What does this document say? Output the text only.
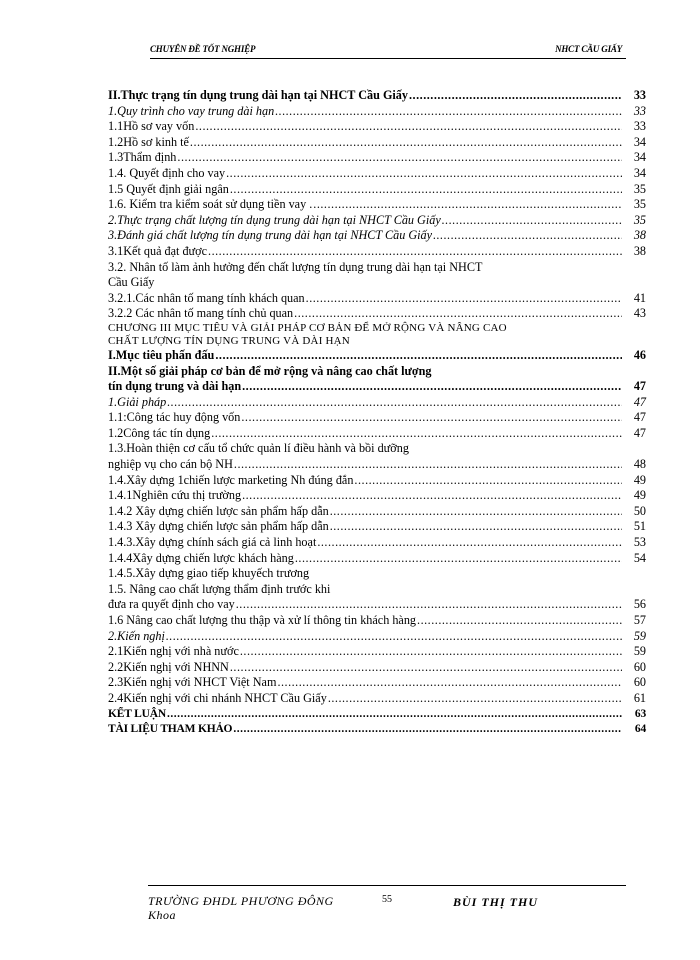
CHUYÊN ĐỀ TỐT NGHIỆP	NHCT CẦU GIẤY
II.Thực trạng tín dụng trung dài hạn tại NHCT Cầu Giấy .....	33
1.Quy trình cho vay trung dài hạn .....	33
1.1Hồ sơ vay vốn .....	33
1.2Hồ sơ kinh tế .....	34
1.3Thẩm định .....	34
1.4. Quyết định cho vay .....	34
1.5 Quyết định giải ngân .....	35
1.6. Kiểm tra kiểm soát sử dụng tiền vay . .....	35
2.Thực trạng chất lượng tín dụng trung dài hạn tại NHCT Cầu Giấy .....	35
3.Đánh giá chất lượng tín dụng trung dài hạn tại NHCT Cầu Giấy .....	38
3.1Kết quả đạt được .....	38
3.2. Nhân tố làm ảnh hưởng đến chất lượng tín dụng trung dài hạn tại NHCT
Cầu Giấy
3.2.1.Các nhân tố mang tính khách quan .....	41
3.2.2 Các nhân tố mang tính chủ quan .....	43
CHƯƠNG III MỤC TIÊU VÀ GIẢI PHÁP CƠ BẢN ĐỂ MỞ RỘNG VÀ NÂNG CAO
CHẤT LƯỢNG TÍN DỤNG TRUNG VÀ DÀI HẠN
I.Mục tiêu phấn đấu .....	46
II.Một số giải pháp cơ bản để mở rộng và nâng cao chất lượng
tín dụng trung và dài hạn .....	47
1.Giải pháp .....	47
1.1:Công tác huy động vốn .....	47
1.2Công tác tín dụng .....	47
1.3.Hoàn thiện cơ cấu tổ chức quản lí điều hành và bồi dưỡng
nghiệp vụ cho cán bộ NH .....	48
1.4.Xây dựng 1chiến lược marketing Nh đúng đắn .....	49
1.4.1Nghiên cứu thị trường .....	49
1.4.2 Xây dựng chiến lược sản phẩm hấp dẫn .....	50
1.4.3 Xây dựng chiến lược sản phẩm hấp dẫn .....	51
1.4.3.Xây dựng chính sách giá cả linh hoạt .....	53
1.4.4Xây dựng chiến lược khách hàng .....	54
1.4.5.Xây dựng giao tiếp khuyếch trương
1.5. Nâng cao chất lượng thẩm định trước khi
đưa ra quyết định cho vay .....	56
1.6 Nâng cao chất lượng thu thập và xử lí thông tin khách hàng .....	57
2.Kiến nghị .....	59
2.1Kiến nghị với nhà nước .....	59
2.2Kiến nghị với NHNN .....	60
2.3Kiến nghị với NHCT Việt Nam .....	60
2.4Kiến nghị với chi nhánh NHCT Cầu Giấy .....	61
KẾT LUẬN .....	63
TÀI LIỆU THAM KHẢO .....	64
TRƯỜNG ĐHDL PHƯƠNG ĐÔNG
Khoa
55	BÙI THỊ THU
